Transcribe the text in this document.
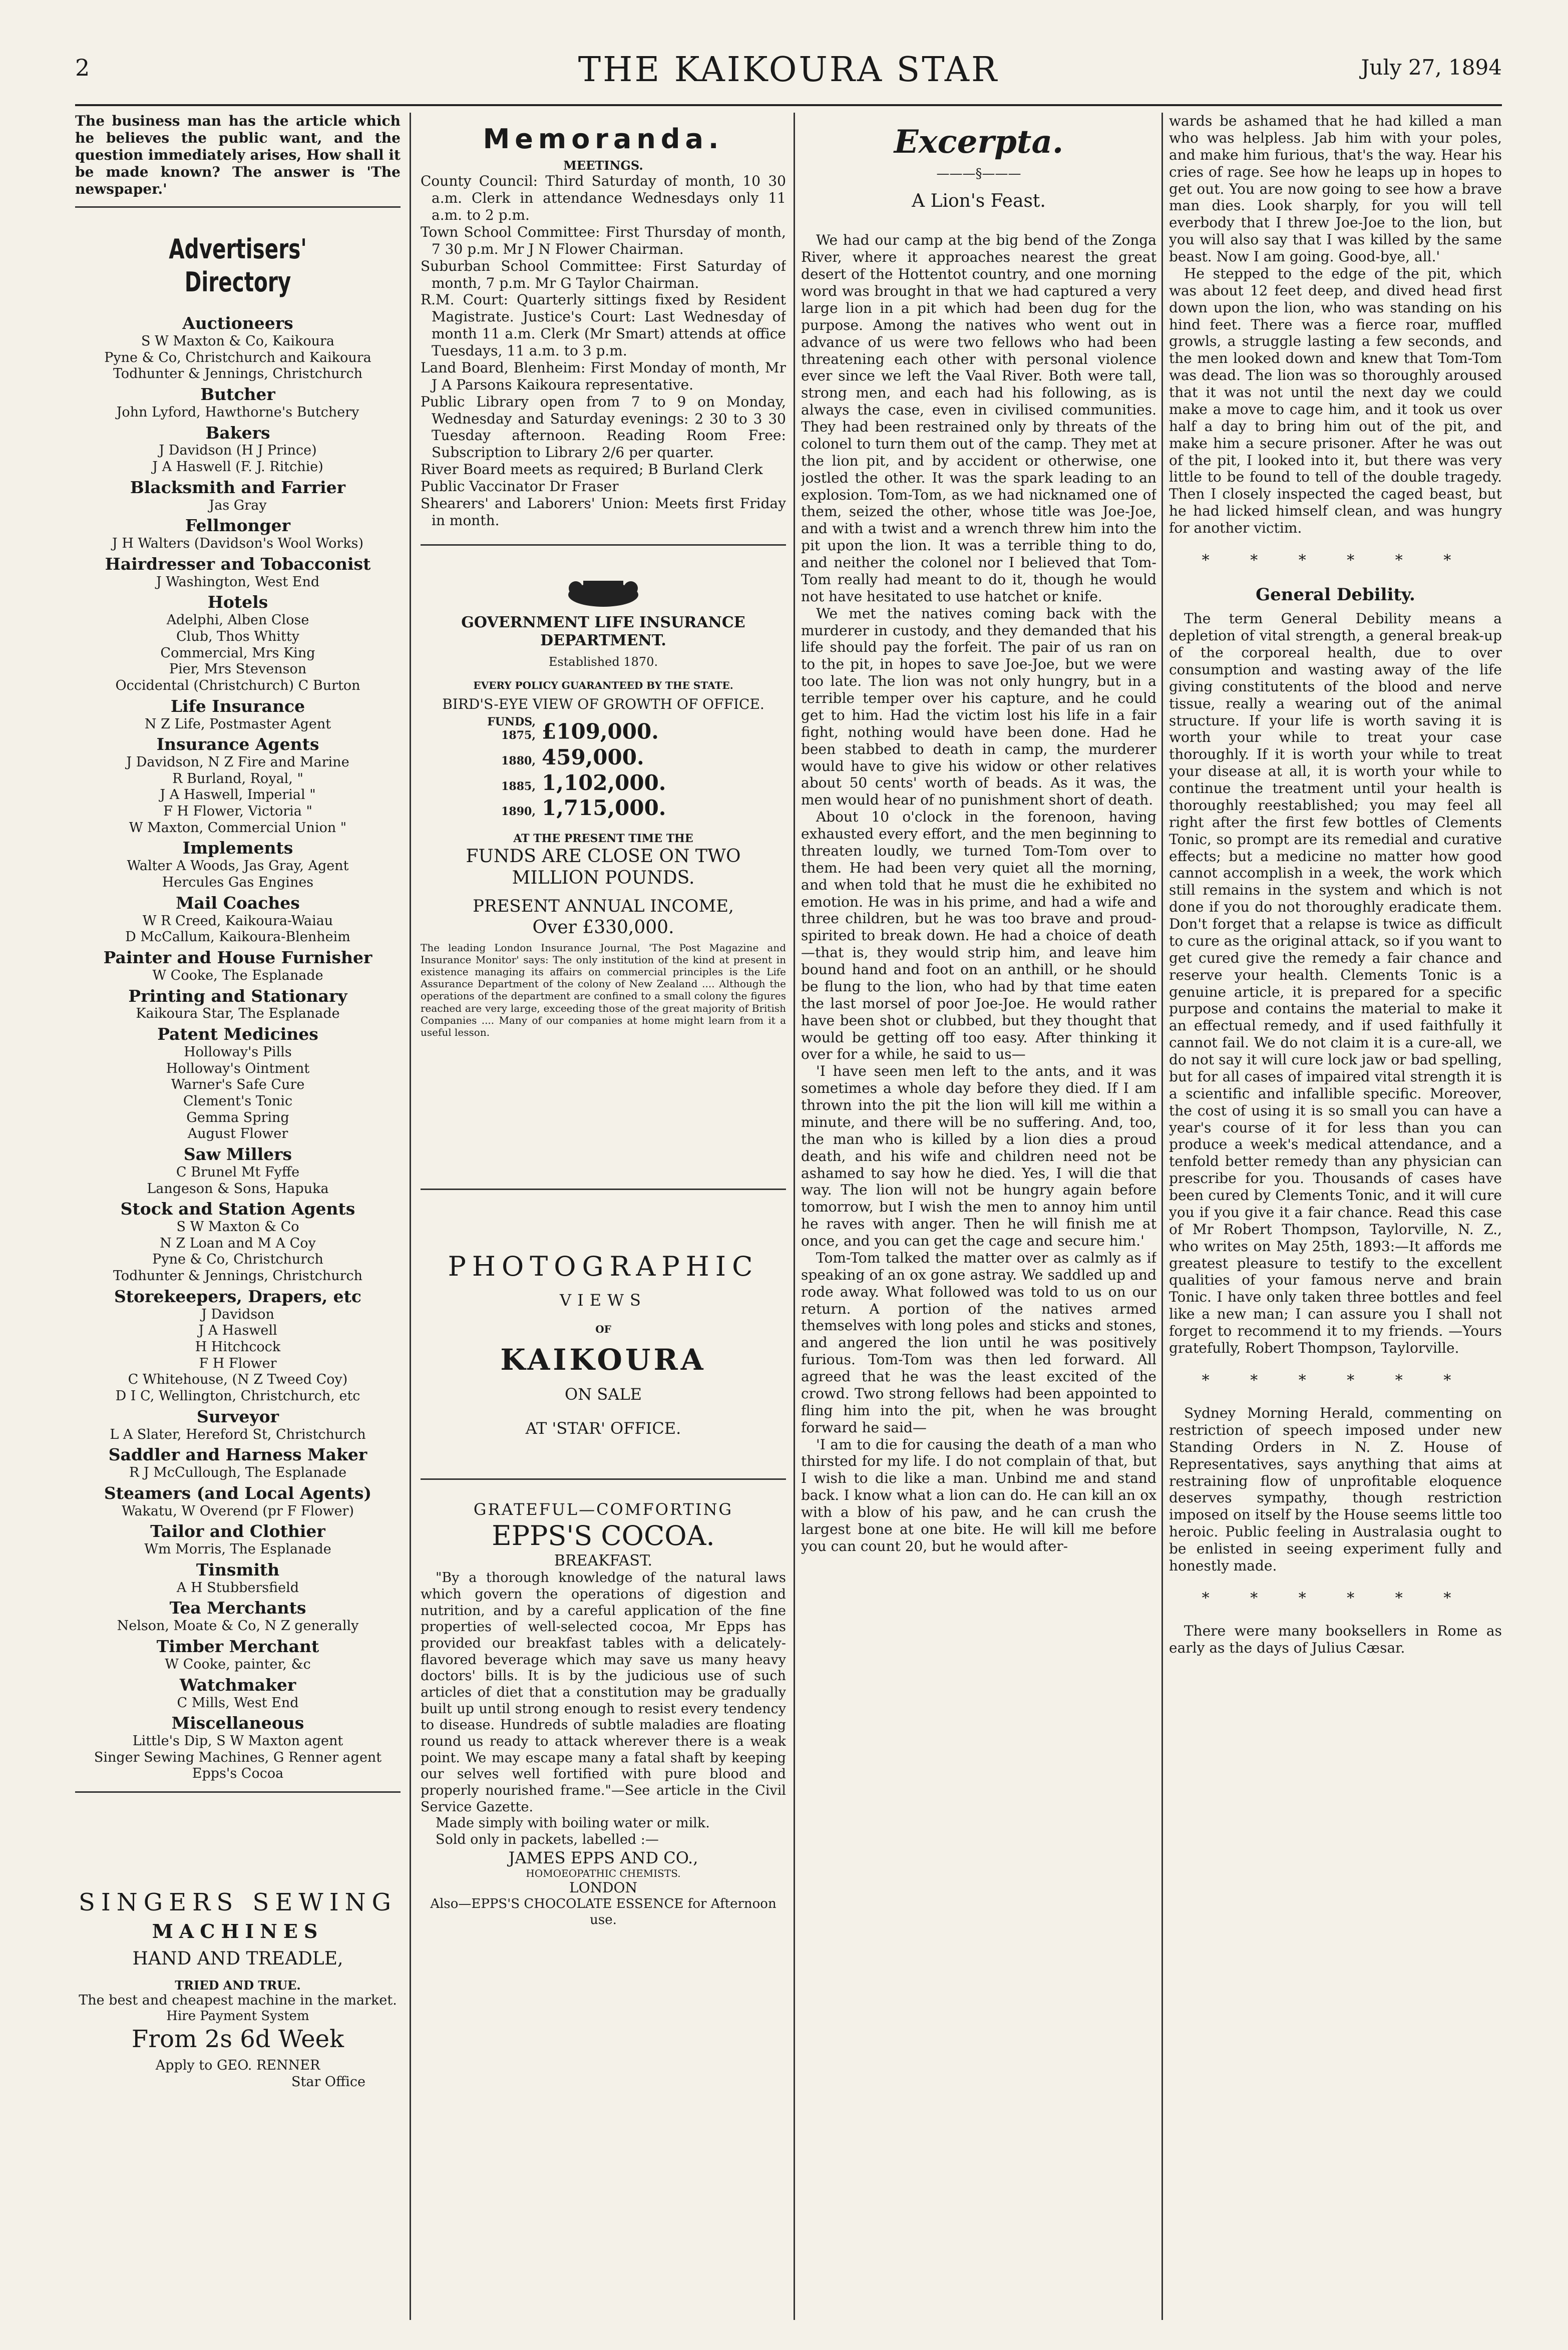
2	THE KAIKOURA STAR	July 27, 1894
The business man has the article which he believes the public want, and the question immediately arises, How shall it be made known? The answer is 'The newspaper.'
Advertisers' Directory
Auctioneers
S W Maxton & Co, Kaikoura
Pyne & Co, Christchurch and Kaikoura
Todhunter & Jennings, Christchurch
Butcher
John Lyford, Hawthorne's Butchery
Bakers
J Davidson (H J Prince)
J A Haswell (F. J. Ritchie)
Blacksmith and Farrier
Jas Gray
Fellmonger
J H Walters (Davidson's Wool Works)
Hairdresser and Tobacconist
J Washington, West End
Hotels
Adelphi, Alben Close
Club, Thos Whitty
Commercial, Mrs King
Pier, Mrs Stevenson
Occidental (Christchurch) C Burton
Life Insurance
N Z Life, Postmaster Agent
Insurance Agents
J Davidson, N Z Fire and Marine
R Burland, Royal, "
J A Haswell, Imperial "
F H Flower, Victoria "
W Maxton, Commercial Union "
Implements
Walter A Woods, Jas Gray, Agent
Hercules Gas Engines
Mail Coaches
W R Creed, Kaikoura-Waiau
D McCallum, Kaikoura-Blenheim
Painter and House Furnisher
W Cooke, The Esplanade
Printing and Stationary
Kaikoura Star, The Esplanade
Patent Medicines
Holloway's Pills
Holloway's Ointment
Warner's Safe Cure
Clement's Tonic
Gemma Spring
August Flower
Saw Millers
C Brunel Mt Fyffe
Langeson & Sons, Hapuka
Stock and Station Agents
S W Maxton & Co
N Z Loan and M A Coy
Pyne & Co, Christchurch
Todhunter & Jennings, Christchurch
Storekeepers, Drapers, etc
J Davidson
J A Haswell
H Hitchcock
F H Flower
C Whitehouse, (N Z Tweed Coy)
D I C, Wellington, Christchurch, etc
Surveyor
L A Slater, Hereford St, Christchurch
Saddler and Harness Maker
R J McCullough, The Esplanade
Steamers (and Local Agents)
Wakatu, W Overend (pr F Flower)
Tailor and Clothier
Wm Morris, The Esplanade
Tinsmith
A H Stubbersfield
Tea Merchants
Nelson, Moate & Co, N Z generally
Timber Merchant
W Cooke, painter, &c
Watchmaker
C Mills, West End
Miscellaneous
Little's Dip, S W Maxton agent
Singer Sewing Machines, G Renner agent
Epps's Cocoa
SINGERS SEWING
MACHINES
HAND AND TREADLE,
TRIED AND TRUE.
The best and cheapest machine in the market.
Hire Payment System
From 2s 6d Week
Apply to GEO. RENNER
Star Office
Memoranda.
MEETINGS.
County Council: Third Saturday of month, 10 30 a.m. Clerk in attendance Wednesdays only 11 a.m. to 2 p.m.
Town School Committee: First Thursday of month, 7 30 p.m. Mr J N Flower Chairman.
Suburban School Committee: First Saturday of month, 7 p.m. Mr G Taylor Chairman.
R.M. Court: Quarterly sittings fixed by Resident Magistrate. Justice's Court: Last Wednesday of month 11 a.m. Clerk (Mr Smart) attends at office Tuesdays, 11 a.m. to 3 p.m.
Land Board, Blenheim: First Monday of month, Mr J A Parsons Kaikoura representative.
Public Library open from 7 to 9 on Monday, Wednesday and Saturday evenings: 2 30 to 3 30 Tuesday afternoon. Reading Room Free: Subscription to Library 2/6 per quarter.
River Board meets as required; B Burland Clerk
Public Vaccinator Dr Fraser
Shearers' and Laborers' Union: Meets first Friday in month.
GOVERNMENT LIFE INSURANCE DEPARTMENT.
Established 1870.
EVERY POLICY GUARANTEED BY THE STATE.
BIRD'S-EYE VIEW OF GROWTH OF OFFICE.
FUNDS, 1875, £109,000.
1880, 459,000.
1885, 1,102,000.
1890, 1,715,000.
AT THE PRESENT TIME THE
FUNDS ARE CLOSE ON TWO MILLION POUNDS.
PRESENT ANNUAL INCOME,
Over £330,000.
The leading London Insurance Journal, 'The Post Magazine and Insurance Monitor' says: The only institution of the kind at present in existence managing its affairs on commercial principles is the Life Assurance Department of the colony of New Zealand .... Although the operations of the department are confined to a small colony the figures reached are very large, exceeding those of the great majority of British Companies .... Many of our companies at home might learn from it a useful lesson.
PHOTOGRAPHIC
VIEWS
OF
KAIKOURA
ON SALE
AT 'STAR' OFFICE.
GRATEFUL—COMFORTING
EPPS'S COCOA.
BREAKFAST.
"By a thorough knowledge of the natural laws which govern the operations of digestion and nutrition, and by a careful application of the fine properties of well-selected cocoa, Mr Epps has provided our breakfast tables with a delicately-flavored beverage which may save us many heavy doctors' bills. It is by the judicious use of such articles of diet that a constitution may be gradually built up until strong enough to resist every tendency to disease. Hundreds of subtle maladies are floating round us ready to attack wherever there is a weak point. We may escape many a fatal shaft by keeping our selves well fortified with pure blood and properly nourished frame."—See article in the Civil Service Gazette.
Made simply with boiling water or milk.
Sold only in packets, labelled :—
JAMES EPPS AND CO.,
HOMOEOPATHIC CHEMISTS.
LONDON
Also—EPPS'S CHOCOLATE ESSENCE for Afternoon use.
Excerpta.
———§———
A Lion's Feast.

We had our camp at the big bend of the Zonga River, where it approaches nearest the great desert of the Hottentot country, and one morning word was brought in that we had captured a very large lion in a pit which had been dug for the purpose. Among the natives who went out in advance of us were two fellows who had been threatening each other with personal violence ever since we left the Vaal River. Both were tall, strong men, and each had his following, as is always the case, even in civilised communities. They had been restrained only by threats of the colonel to turn them out of the camp. They met at the lion pit, and by accident or otherwise, one jostled the other. It was the spark leading to an explosion. Tom-Tom, as we had nicknamed one of them, seized the other, whose title was Joe-Joe, and with a twist and a wrench threw him into the pit upon the lion. It was a terrible thing to do, and neither the colonel nor I believed that Tom-Tom really had meant to do it, though he would not have hesitated to use hatchet or knife.

We met the natives coming back with the murderer in custody, and they demanded that his life should pay the forfeit. The pair of us ran on to the pit, in hopes to save Joe-Joe, but we were too late. The lion was not only hungry, but in a terrible temper over his capture, and he could get to him. Had the victim lost his life in a fair fight, nothing would have been done. Had he been stabbed to death in camp, the murderer would have to give his widow or other relatives about 50 cents' worth of beads. As it was, the men would hear of no punishment short of death.

About 10 o'clock in the forenoon, having exhausted every effort, and the men beginning to threaten loudly, we turned Tom-Tom over to them. He had been very quiet all the morning, and when told that he must die he exhibited no emotion. He was in his prime, and had a wife and three children, but he was too brave and proud-spirited to break down. He had a choice of death—that is, they would strip him, and leave him bound hand and foot on an anthill, or he should be flung to the lion, who had by that time eaten the last morsel of poor Joe-Joe. He would rather have been shot or clubbed, but they thought that would be getting off too easy. After thinking it over for a while, he said to us—

'I have seen men left to the ants, and it was sometimes a whole day before they died. If I am thrown into the pit the lion will kill me within a minute, and there will be no suffering. And, too, the man who is killed by a lion dies a proud death, and his wife and children need not be ashamed to say how he died. Yes, I will die that way. The lion will not be hungry again before tomorrow, but I wish the men to annoy him until he raves with anger. Then he will finish me at once, and you can get the cage and secure him.'

Tom-Tom talked the matter over as calmly as if speaking of an ox gone astray. We saddled up and rode away. What followed was told to us on our return. A portion of the natives armed themselves with long poles and sticks and stones, and angered the lion until he was positively furious. Tom-Tom was then led forward. All agreed that he was the least excited of the crowd. Two strong fellows had been appointed to fling him into the pit, when he was brought forward he said—

'I am to die for causing the death of a man who thirsted for my life. I do not complain of that, but I wish to die like a man. Unbind me and stand back. I know what a lion can do. He can kill an ox with a blow of his paw, and he can crush the largest bone at one bite. He will kill me before you can count 20, but he would after-

wards be ashamed that he had killed a man who was helpless. Jab him with your poles, and make him furious, that's the way. Hear his cries of rage. See how he leaps up in hopes to get out. You are now going to see how a brave man dies. Look sharply, for you will tell everbody that I threw Joe-Joe to the lion, but you will also say that I was killed by the same beast. Now I am going. Good-bye, all.'

He stepped to the edge of the pit, which was about 12 feet deep, and dived head first down upon the lion, who was standing on his hind feet. There was a fierce roar, muffled growls, a struggle lasting a few seconds, and the men looked down and knew that Tom-Tom was dead. The lion was so thoroughly aroused that it was not until the next day we could make a move to cage him, and it took us over half a day to bring him out of the pit, and make him a secure prisoner. After he was out of the pit, I looked into it, but there was very little to be found to tell of the double tragedy. Then I closely inspected the caged beast, but he had licked himself clean, and was hungry for another victim.

* * * * * *
General Debility.

The term General Debility means a depletion of vital strength, a general break-up of the corporeal health, due to over consumption and wasting away of the life giving constitutents of the blood and nerve tissue, really a wearing out of the animal structure. If your life is worth saving it is worth your while to treat your case thoroughly. If it is worth your while to treat your disease at all, it is worth your while to continue the treatment until your health is thoroughly reestablished; you may feel all right after the first few bottles of Clements Tonic, so prompt are its remedial and curative effects; but a medicine no matter how good cannot accomplish in a week, the work which still remains in the system and which is not done if you do not thoroughly eradicate them. Don't forget that a relapse is twice as difficult to cure as the original attack, so if you want to get cured give the remedy a fair chance and reserve your health. Clements Tonic is a genuine article, it is prepared for a specific purpose and contains the material to make it an effectual remedy, and if used faithfully it cannot fail. We do not claim it is a cure-all, we do not say it will cure lock jaw or bad spelling, but for all cases of impaired vital strength it is a scientific and infallible specific. Moreover, the cost of using it is so small you can have a year's course of it for less than you can produce a week's medical attendance, and a tenfold better remedy than any physician can prescribe for you. Thousands of cases have been cured by Clements Tonic, and it will cure you if you give it a fair chance. Read this case of Mr Robert Thompson, Taylorville, N. Z., who writes on May 25th, 1893:—It affords me greatest pleasure to testify to the excellent qualities of your famous nerve and brain Tonic. I have only taken three bottles and feel like a new man; I can assure you I shall not forget to recommend it to my friends. —Yours gratefully, Robert Thompson, Taylorville.

* * * * * *

Sydney Morning Herald, commenting on restriction of speech imposed under new Standing Orders in N. Z. House of Representatives, says anything that aims at restraining flow of unprofitable eloquence deserves sympathy, though restriction imposed on itself by the House seems little too heroic. Public feeling in Australasia ought to be enlisted in seeing experiment fully and honestly made.

* * * * * *

There were many booksellers in Rome as early as the days of Julius Cæsar.
